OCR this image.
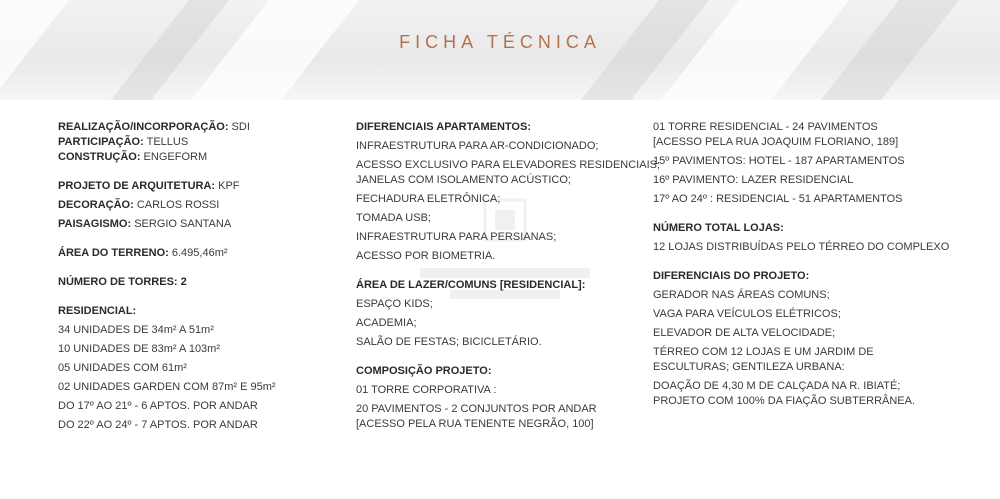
FICHA TÉCNICA
REALIZAÇÃO/INCORPORAÇÃO: SDI
PARTICIPAÇÃO: TELLUS
CONSTRUÇÃO: ENGEFORM
PROJETO DE ARQUITETURA: KPF
DECORAÇÃO: CARLOS ROSSI
PAISAGISMO: SERGIO SANTANA
ÁREA DO TERRENO: 6.495,46m²
NÚMERO DE TORRES: 2
RESIDENCIAL:
34 UNIDADES DE 34m² A 51m²
10 UNIDADES DE 83m² A 103m²
05 UNIDADES COM 61m²
02 UNIDADES GARDEN COM 87m² E 95m²
DO 17º AO 21º - 6 APTOS. POR ANDAR
DO 22º AO 24º - 7 APTOS. POR ANDAR
DIFERENCIAIS APARTAMENTOS:
INFRAESTRUTURA PARA AR-CONDICIONADO;
ACESSO EXCLUSIVO PARA ELEVADORES RESIDENCIAIS;
JANELAS COM ISOLAMENTO ACÚSTICO;
FECHADURA ELETRÔNICA;
TOMADA USB;
INFRAESTRUTURA PARA PERSIANAS;
ACESSO POR BIOMETRIA.
ÁREA DE LAZER/COMUNS [RESIDENCIAL]:
ESPAÇO KIDS;
ACADEMIA;
SALÃO DE FESTAS; BICICLETÁRIO.
COMPOSIÇÃO PROJETO:
01 TORRE CORPORATIVA :
20 PAVIMENTOS - 2 CONJUNTOS POR ANDAR
[ACESSO PELA RUA TENENTE NEGRÃO, 100]
01 TORRE RESIDENCIAL - 24 PAVIMENTOS
[ACESSO PELA RUA JOAQUIM FLORIANO, 189]
15º PAVIMENTOS: HOTEL - 187 APARTAMENTOS
16º PAVIMENTO: LAZER RESIDENCIAL
17º AO 24º : RESIDENCIAL - 51 APARTAMENTOS
NÚMERO TOTAL LOJAS:
12 LOJAS DISTRIBUÍDAS PELO TÉRREO DO COMPLEXO
DIFERENCIAIS DO PROJETO:
GERADOR NAS ÁREAS COMUNS;
VAGA PARA VEÍCULOS ELÉTRICOS;
ELEVADOR DE ALTA VELOCIDADE;
TÉRREO COM 12 LOJAS E UM JARDIM DE
ESCULTURAS; GENTILEZA URBANA:
DOAÇÃO DE 4,30 M DE CALÇADA NA R. IBIATÉ;
PROJETO COM 100% DA FIAÇÃO SUBTERRÂNEA.
